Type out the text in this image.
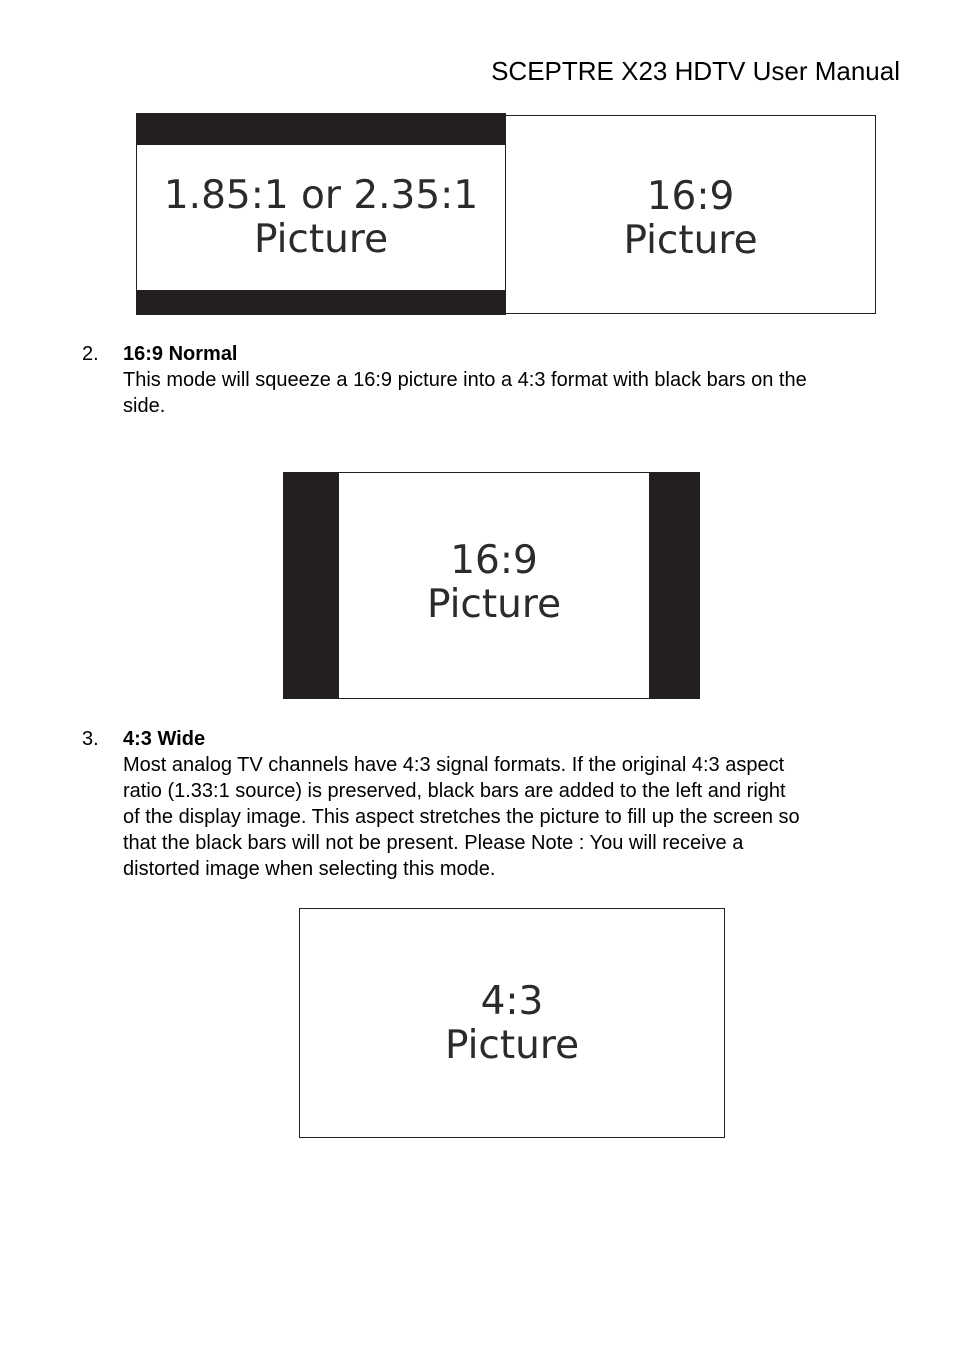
SCEPTRE X23 HDTV User Manual
1.85:1 or 2.35:1
Picture
16:9
Picture
2. 16:9 Normal
This mode will squeeze a 16:9 picture into a 4:3 format with black bars on the
side.
16:9
Picture
3. 4:3 Wide
Most analog TV channels have 4:3 signal formats. If the original 4:3 aspect
ratio (1.33:1 source) is preserved, black bars are added to the left and right
of the display image. This aspect stretches the picture to fill up the screen so
that the black bars will not be present. Please Note : You will receive a
distorted image when selecting this mode.
4:3
Picture
